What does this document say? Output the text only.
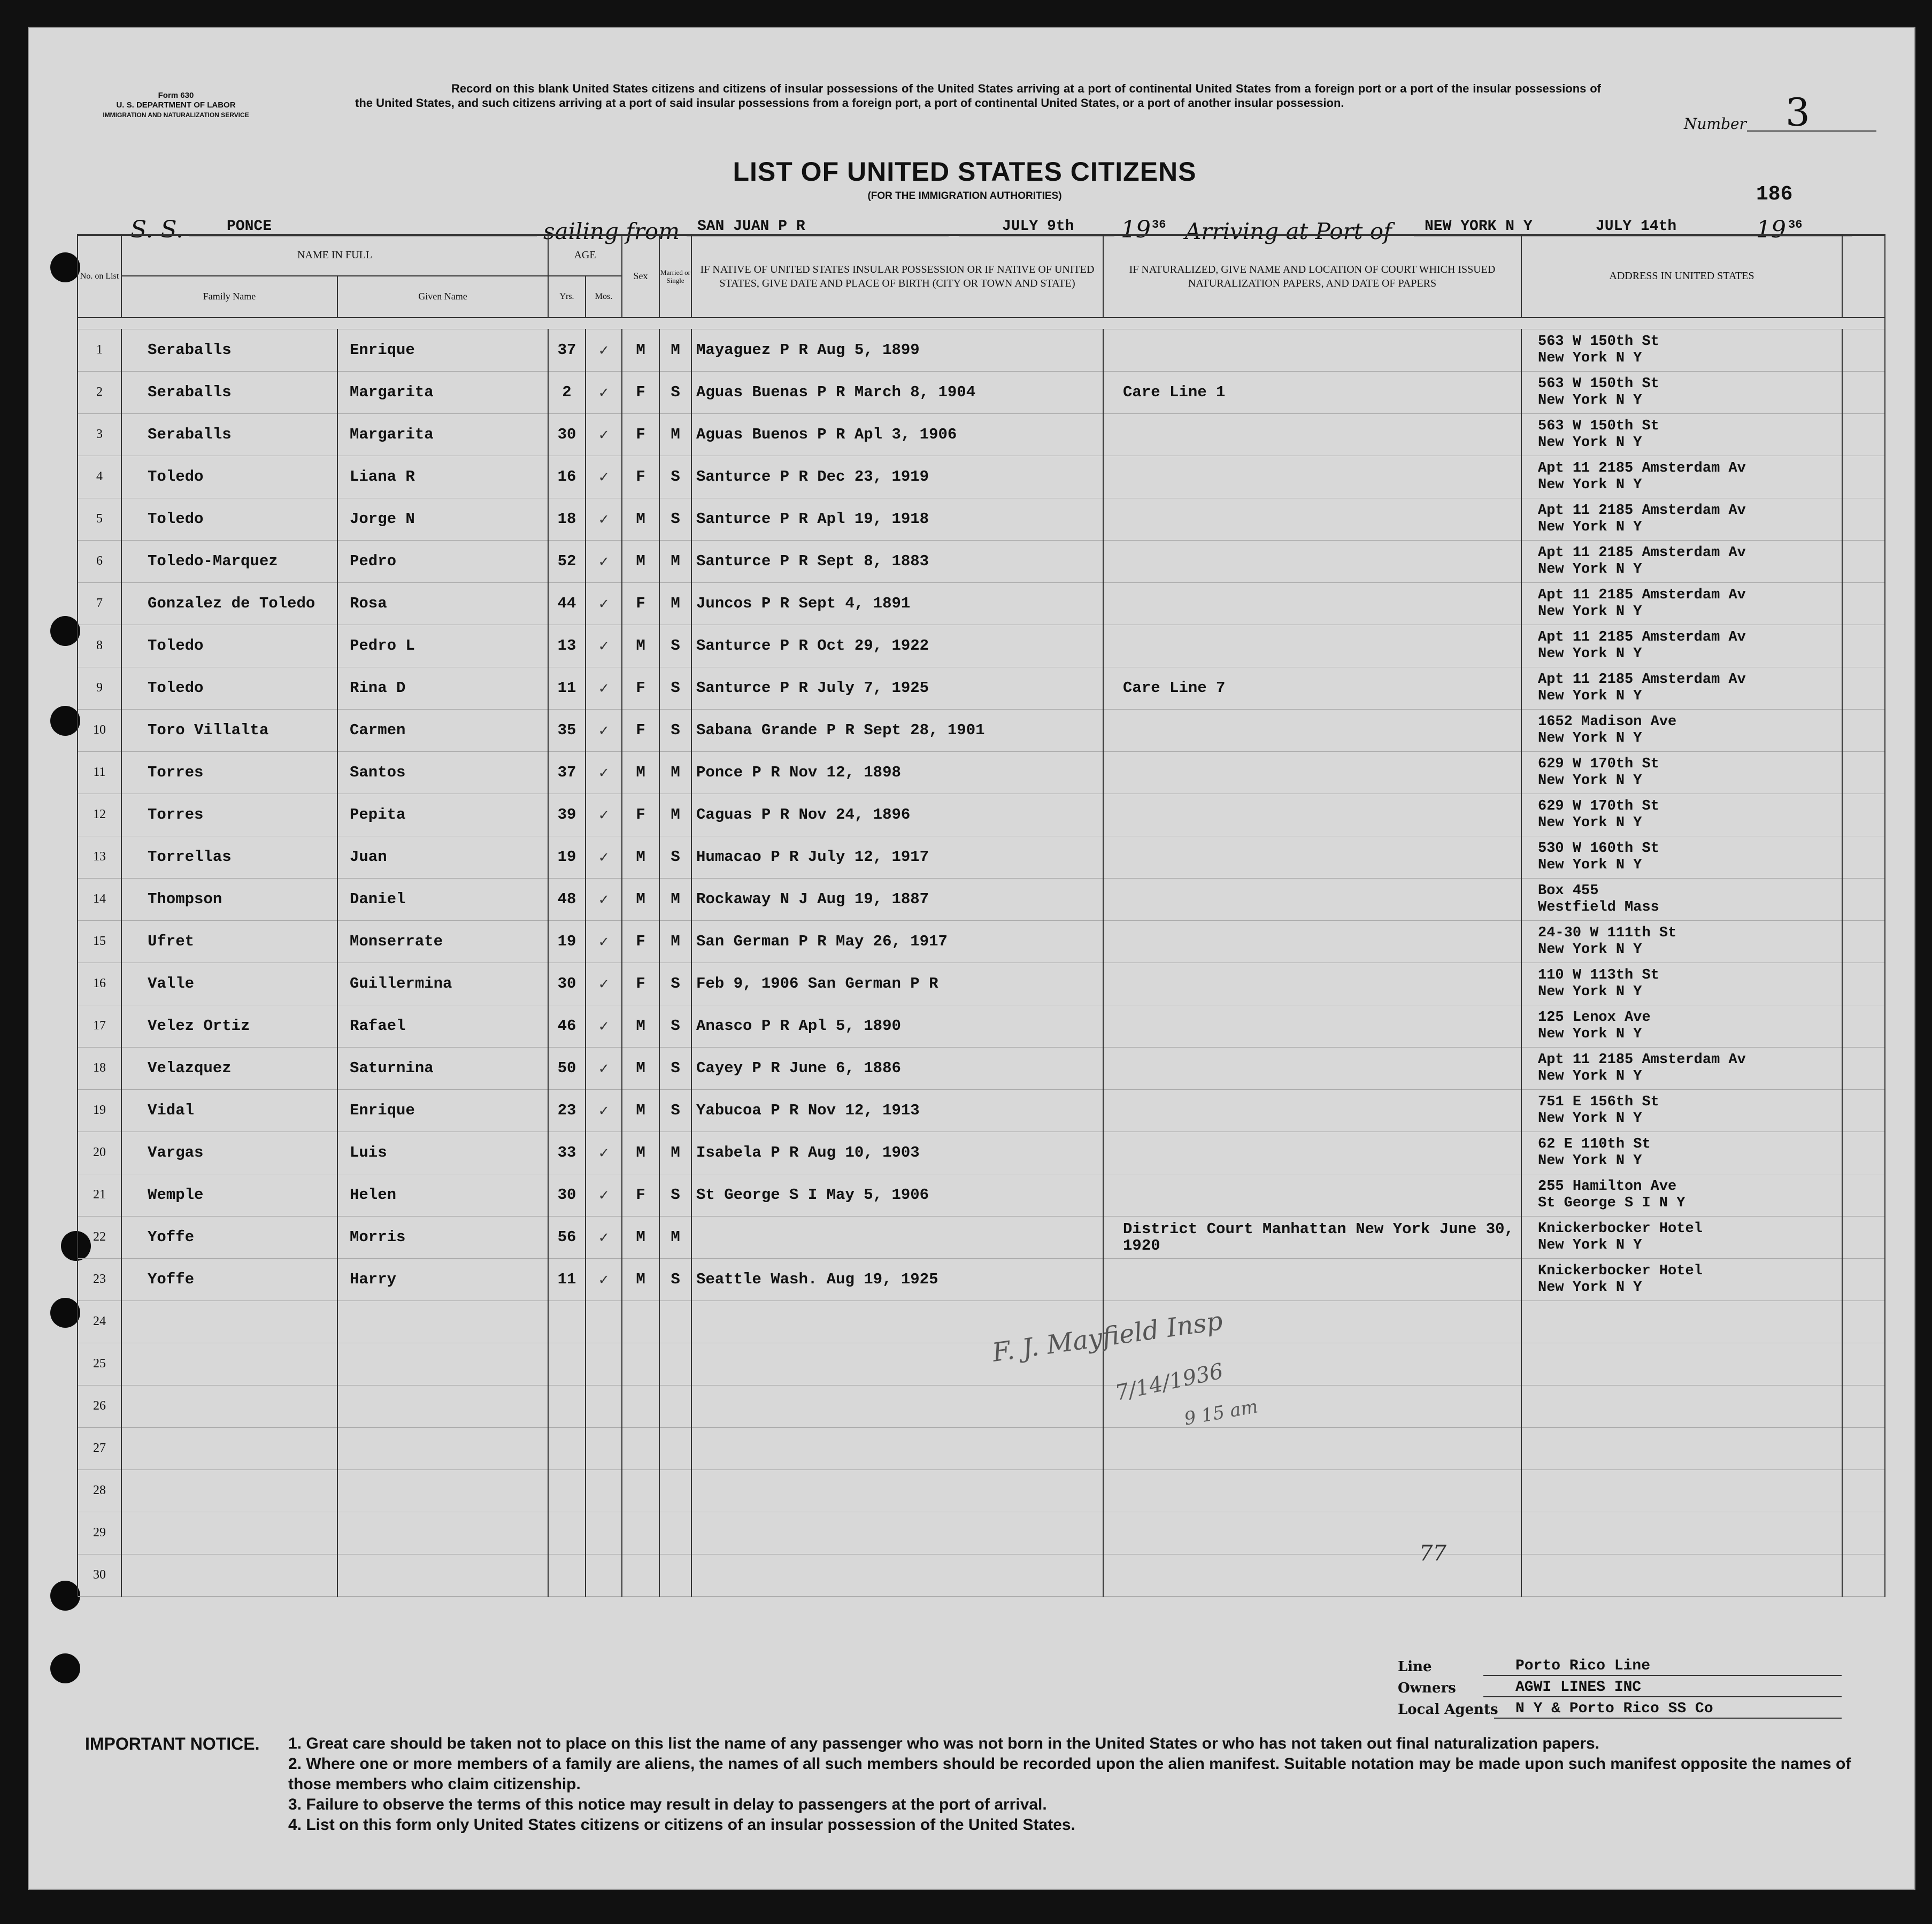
Form 630
U. S. DEPARTMENT OF LABOR
IMMIGRATION AND NATURALIZATION SERVICE
Record on this blank United States citizens and citizens of insular possessions of the United States arriving at a port of continental United States from a foreign port or a port of the insular possessions of the United States, and such citizens arriving at a port of said insular possessions from a foreign port, a port of continental United States, or a port of another insular possession.
Number 3
LIST OF UNITED STATES CITIZENS
(FOR THE IMMIGRATION AUTHORITIES)	186
S. S.	PONCE	sailing from SAN JUAN P R	JULY 9th 19 36 Arriving at Port of NEW YORK N Y	JULY 14th	19 36
No. on List	NAME IN FULL		AGE		Sex	Married or Single	IF NATIVE OF UNITED STATES INSULAR POSSESSION OR IF NATIVE OF UNITED STATES, GIVE DATE AND PLACE OF BIRTH (CITY OR TOWN AND STATE)	IF NATURALIZED, GIVE NAME AND LOCATION OF COURT WHICH ISSUED NATURALIZATION PAPERS, AND DATE OF PAPERS	ADDRESS IN UNITED STATES	
	Family Name	Given Name	Yrs.	Mos.						

1	Seraballs	Enrique	37	✓	M	M	Mayaguez P R Aug 5, 1899		563 W 150th St
New York N Y	

2	Seraballs	Margarita	2	✓	F	S	Aguas Buenas P R March 8, 1904	Care Line 1	563 W 150th St
New York N Y	

3	Seraballs	Margarita	30	✓	F	M	Aguas Buenos P R Apl 3, 1906		563 W 150th St
New York N Y	

4	Toledo	Liana R	16	✓	F	S	Santurce P R Dec 23, 1919		Apt 11 2185 Amsterdam Av
New York N Y	

5	Toledo	Jorge N	18	✓	M	S	Santurce P R Apl 19, 1918		Apt 11 2185 Amsterdam Av
New York N Y	

6	Toledo-Marquez	Pedro	52	✓	M	M	Santurce P R Sept 8, 1883		Apt 11 2185 Amsterdam Av
New York N Y	

7	Gonzalez de Toledo	Rosa	44	✓	F	M	Juncos P R Sept 4, 1891		Apt 11 2185 Amsterdam Av
New York N Y	

8	Toledo	Pedro L	13	✓	M	S	Santurce P R Oct 29, 1922		Apt 11 2185 Amsterdam Av
New York N Y	

9	Toledo	Rina D	11	✓	F	S	Santurce P R July 7, 1925	Care Line 7	Apt 11 2185 Amsterdam Av
New York N Y	

10	Toro Villalta	Carmen	35	✓	F	S	Sabana Grande P R Sept 28, 1901		1652 Madison Ave
New York N Y	

11	Torres	Santos	37	✓	M	M	Ponce P R Nov 12, 1898		629 W 170th St
New York N Y	

12	Torres	Pepita	39	✓	F	M	Caguas P R Nov 24, 1896		629 W 170th St
New York N Y	

13	Torrellas	Juan	19	✓	M	S	Humacao P R July 12, 1917		530 W 160th St
New York N Y	

14	Thompson	Daniel	48	✓	M	M	Rockaway N J Aug 19, 1887		Box 455
Westfield Mass	

15	Ufret	Monserrate	19	✓	F	M	San German P R May 26, 1917		24-30 W 111th St
New York N Y	

16	Valle	Guillermina	30	✓	F	S	Feb 9, 1906 San German P R		110 W 113th St
New York N Y	

17	Velez Ortiz	Rafael	46	✓	M	S	Anasco P R Apl 5, 1890		125 Lenox Ave
New York N Y	

18	Velazquez	Saturnina	50	✓	M	S	Cayey P R June 6, 1886		Apt 11 2185 Amsterdam Av
New York N Y	

19	Vidal	Enrique	23	✓	M	S	Yabucoa P R Nov 12, 1913		751 E 156th St
New York N Y	

20	Vargas	Luis	33	✓	M	M	Isabela P R Aug 10, 1903		62 E 110th St
New York N Y	

21	Wemple	Helen	30	✓	F	S	St George S I May 5, 1906		255 Hamilton Ave
St George S I N Y	

22	Yoffe	Morris	56	✓	M	M		District Court Manhattan New York June 30, 1920	Knickerbocker Hotel
New York N Y	

23	Yoffe	Harry	11	✓	M	S	Seattle Wash. Aug 19, 1925		Knickerbocker Hotel
New York N Y	

24									

25									

26									

27									

28									

29									

30									

F. J. Mayfield Insp
7/14/1936
9 15 am
77
Line	Porto Rico Line
Owners	AGWI LINES INC
Local Agents N Y & Porto Rico SS Co
IMPORTANT NOTICE.	1. Great care should be taken not to place on this list the name of any passenger who was not born in the United States or who has not taken out final naturalization papers.
2. Where one or more members of a family are aliens, the names of all such members should be recorded upon the alien manifest. Suitable notation may be made upon such manifest opposite the names of those members who claim citizenship.
3. Failure to observe the terms of this notice may result in delay to passengers at the port of arrival.
4. List on this form only United States citizens or citizens of an insular possession of the United States.
